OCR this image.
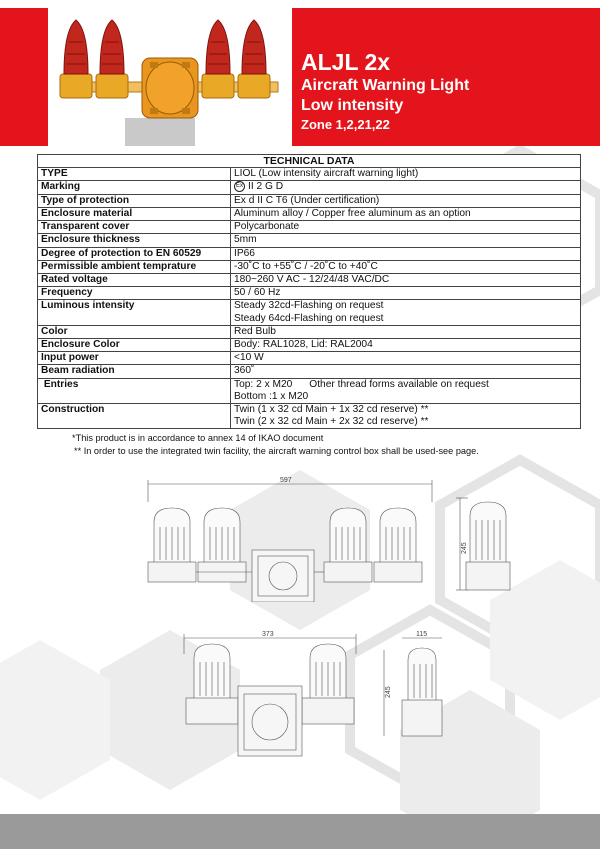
ALJL 2x
Aircraft Warning Light
Low intensity
Zone 1,2,21,22
TECHNICAL DATA	
TYPE	LIOL (Low intensity aircraft warning light)
Marking	Ex II 2 G D
Type of protection	Ex d II C T6 (Under certification)
Enclosure material	Aluminum alloy / Copper free aluminum as an option
Transparent cover	Polycarbonate
Enclosure thickness	5mm
Degree of protection to EN 60529	IP66
Permissible ambient temprature	-30˚C to +55˚C / -20˚C to +40˚C
Rated voltage	180~260 V AC - 12/24/48 VAC/DC
Frequency	50 / 60 Hz
Luminous intensity	Steady 32cd-Flashing on request
Steady 64cd-Flashing on request

Color	Red Bulb
Enclosure Color	Body: RAL1028, Lid: RAL2004
Input power	<10 W
Beam radiation	360˚
Entries	Top: 2 x M20      Other thread forms available on request
Bottom :1 x M20

Construction	Twin (1 x 32 cd Main + 1x 32 cd reserve) **
Twin (2 x 32 cd Main + 2x 32 cd reserve) **
*This product is in accordance to annex 14 of IKAO document
** In order to use the integrated twin facility, the aircraft warning control box shall be used-see page.
597
245
373	115
245
